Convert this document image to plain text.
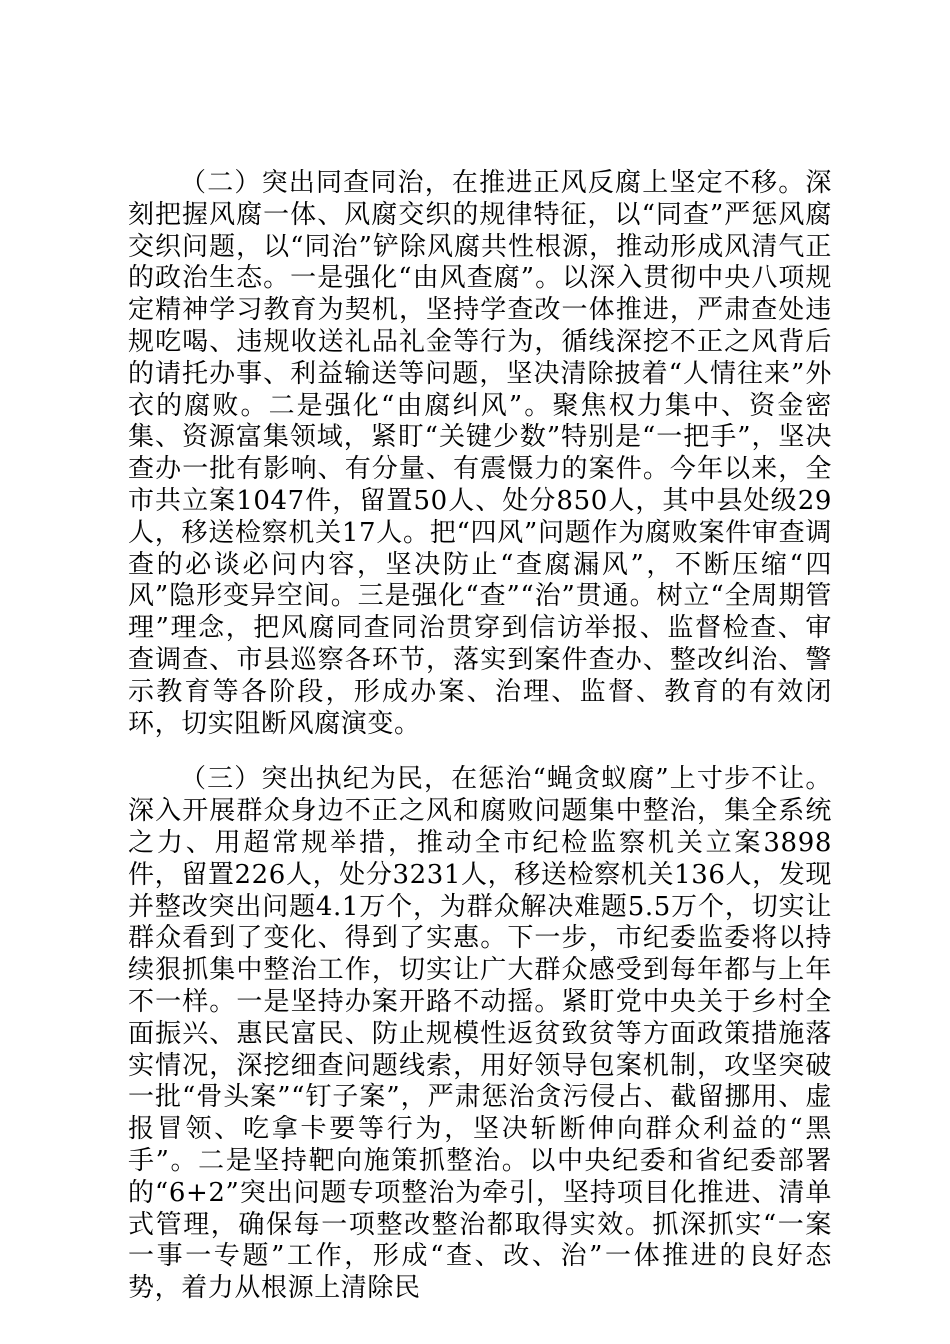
（二）突出同查同治，在推进正风反腐上坚定不移。深刻把握风腐一体、风腐交织的规律特征，以“同查”严惩风腐交织问题，以“同治”铲除风腐共性根源，推动形成风清气正的政治生态。一是强化“由风查腐”。以深入贯彻中央八项规定精神学习教育为契机，坚持学查改一体推进，严肃查处违规吃喝、违规收送礼品礼金等行为，循线深挖不正之风背后的请托办事、利益输送等问题，坚决清除披着“人情往来”外衣的腐败。二是强化“由腐纠风”。聚焦权力集中、资金密集、资源富集领域，紧盯“关键少数”特别是“一把手”，坚决查办一批有影响、有分量、有震慑力的案件。今年以来，全市共立案1047件，留置50人、处分850人，其中县处级29人，移送检察机关17人。把“四风”问题作为腐败案件审查调查的必谈必问内容，坚决防止“查腐漏风”，不断压缩“四风”隐形变异空间。三是强化“查”“治”贯通。树立“全周期管理”理念，把风腐同查同治贯穿到信访举报、监督检查、审查调查、市县巡察各环节，落实到案件查办、整改纠治、警示教育等各阶段，形成办案、治理、监督、教育的有效闭环，切实阻断风腐演变。

（三）突出执纪为民，在惩治“蝇贪蚁腐”上寸步不让。深入开展群众身边不正之风和腐败问题集中整治，集全系统之力、用超常规举措，推动全市纪检监察机关立案3898件，留置226人，处分3231人，移送检察机关136人，发现并整改突出问题4.1万个，为群众解决难题5.5万个，切实让群众看到了变化、得到了实惠。下一步，市纪委监委将以持续狠抓集中整治工作，切实让广大群众感受到每年都与上年不一样。一是坚持办案开路不动摇。紧盯党中央关于乡村全面振兴、惠民富民、防止规模性返贫致贫等方面政策措施落实情况，深挖细查问题线索，用好领导包案机制，攻坚突破一批“骨头案”“钉子案”，严肃惩治贪污侵占、截留挪用、虚报冒领、吃拿卡要等行为，坚决斩断伸向群众利益的“黑手”。二是坚持靶向施策抓整治。以中央纪委和省纪委部署的“6+2”突出问题专项整治为牵引，坚持项目化推进、清单式管理，确保每一项整改整治都取得实效。抓深抓实“一案一事一专题”工作，形成“查、改、治”一体推进的良好态势，着力从根源上清除民
